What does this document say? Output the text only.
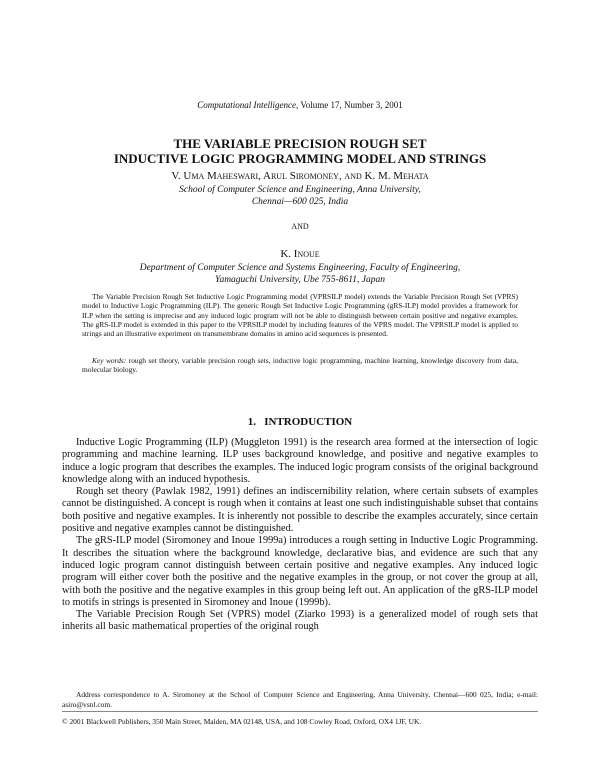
Computational Intelligence, Volume 17, Number 3, 2001
THE VARIABLE PRECISION ROUGH SET
INDUCTIVE LOGIC PROGRAMMING MODEL AND STRINGS
V. Uma Maheswari, Arul Siromoney, and K. M. Mehata
School of Computer Science and Engineering, Anna University,
Chennai—600 025, India
AND
K. Inoue
Department of Computer Science and Systems Engineering, Faculty of Engineering,
Yamaguchi University, Ube 755-8611, Japan
The Variable Precision Rough Set Inductive Logic Programming model (VPRSILP model) extends the Variable Precision Rough Set (VPRS) model to Inductive Logic Programming (ILP). The generic Rough Set Inductive Logic Programming (gRS-ILP) model provides a framework for ILP when the setting is imprecise and any induced logic program will not be able to distinguish between certain positive and negative examples. The gRS-ILP model is extended in this paper to the VPRSILP model by including features of the VPRS model. The VPRSILP model is applied to strings and an illustrative experiment on transmembrane domains in amino acid sequences is presented.
Key words: rough set theory, variable precision rough sets, inductive logic programming, machine learning, knowledge discovery from data, molecular biology.
1. INTRODUCTION

Inductive Logic Programming (ILP) (Muggleton 1991) is the research area formed at the intersection of logic programming and machine learning. ILP uses background knowledge, and positive and negative examples to induce a logic program that describes the examples. The induced logic program consists of the original background knowledge along with an induced hypothesis.

Rough set theory (Pawlak 1982, 1991) defines an indiscernibility relation, where certain subsets of examples cannot be distinguished. A concept is rough when it contains at least one such indistinguishable subset that contains both positive and negative examples. It is inherently not possible to describe the examples accurately, since certain positive and negative examples cannot be distinguished.

The gRS-ILP model (Siromoney and Inoue 1999a) introduces a rough setting in Inductive Logic Programming. It describes the situation where the background knowledge, declarative bias, and evidence are such that any induced logic program cannot distinguish between certain positive and negative examples. Any induced logic program will either cover both the positive and the negative examples in the group, or not cover the group at all, with both the positive and the negative examples in this group being left out. An application of the gRS-ILP model to motifs in strings is presented in Siromoney and Inoue (1999b).

The Variable Precision Rough Set (VPRS) model (Ziarko 1993) is a generalized model of rough sets that inherits all basic mathematical properties of the original rough

Address correspondence to A. Siromoney at the School of Computer Science and Engineering, Anna University, Chennai—600 025, India; e-mail: asiro@vsnl.com.
© 2001 Blackwell Publishers, 350 Main Street, Malden, MA 02148, USA, and 108 Cowley Road, Oxford, OX4 1JF, UK.
